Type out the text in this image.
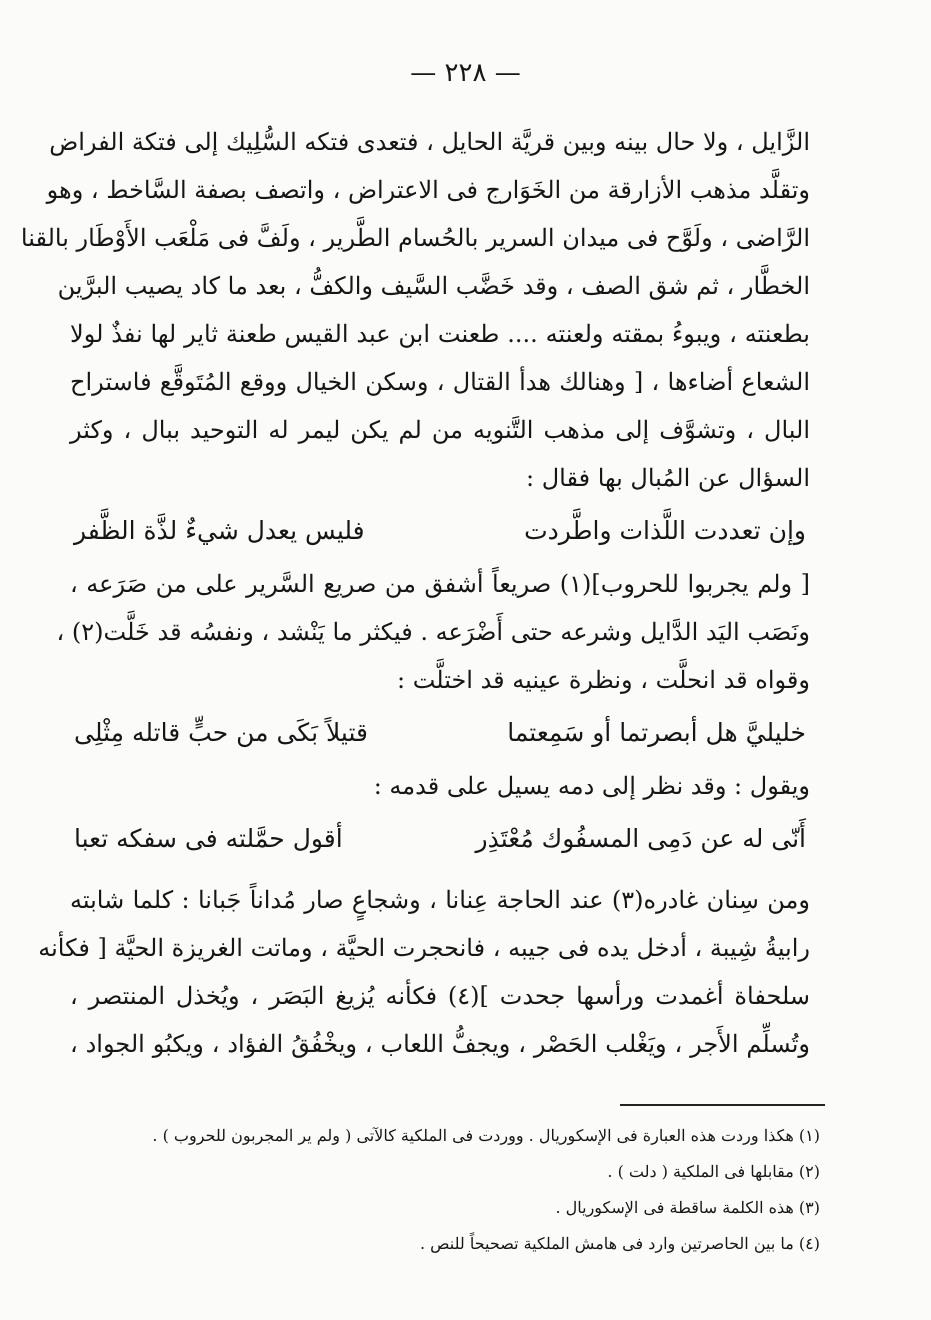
— ٢٢٨ —
الزَّايل ، ولا حال بينه وبين قريَّة الحايل ، فتعدى فتكه السُّلِيك إلى فتكة الفراض
وتقلَّد مذهب الأزارقة من الخَوَارج فى الاعتراض ، واتصف بصفة السَّاخط ، وهو
الرَّاضى ، ولَوَّح فى ميدان السرير بالحُسام الطَّرير ، ولَفَّ فى مَلْعَب الأَوْطَار بالقنا
الخطَّار ، ثم شق الصف ، وقد خَضَّب السَّيف والكفُّ ، بعد ما كاد يصيب البرَّين
بطعنته ، ويبوءُ بمقته ولعنته .... طعنت ابن عبد القيس طعنة ثاير لها نفذٌ لولا
الشعاع أضاءها ، [ وهنالك هدأ القتال ، وسكن الخيال ووقع المُتَوقَّع فاستراح
البال ، وتشوَّف إلى مذهب التَّنويه من لم يكن ليمر له التوحيد ببال ، وكثر
السؤال عن المُبال بها فقال :
وإن تعددت اللَّذات واطَّردت
فليس يعدل شيءٌ لذَّة الظَّفر
[ ولم يجربوا للحروب](١) صريعاً أشفق من صريع السَّرير على من صَرَعه ،
ونَصَب اليَد الدَّايل وشرعه حتى أَضْرَعه . فيكثر ما يَنْشد ، ونفسُه قد خَلَّت(٢) ،
وقواه قد انحلَّت ، ونظرة عينيه قد اختلَّت :
خليليَّ هل أبصرتما أو سَمِعتما
قتيلاً بَكَى من حبٍّ قاتله مِثْلِى
ويقول : وقد نظر إلى دمه يسيل على قدمه :
أَنّى له عن دَمِى المسفُوك مُعْتَذِر
أقول حمَّلته فى سفكه تعبا
ومن سِنان غادره(٣) عند الحاجة عِنانا ، وشجاعٍ صار مُداناً جَبانا : كلما شابته
رابيةُ شِيبة ، أدخل يده فى جيبه ، فانحجرت الحيَّة ، وماتت الغريزة الحيَّة [ فكأنه
سلحفاة أغمدت ورأسها جحدت ](٤) فكأنه يُزيغ البَصَر ، ويُخذل المنتصر ،
وتُسلِّم الأَجر ، ويَغْلب الحَصْر ، ويجفُّ اللعاب ، ويخْفُقُ الفؤاد ، ويكبُو الجواد ،
(١) هكذا وردت هذه العبارة فى الإسكوريال . ووردت فى الملكية كالآتى ( ولم ير المجربون للحروب ) .
(٢) مقابلها فى الملكية ( دلت ) .
(٣) هذه الكلمة ساقطة فى الإسكوريال .
(٤) ما بين الحاصرتين وارد فى هامش الملكية تصحيحاً للنص .
